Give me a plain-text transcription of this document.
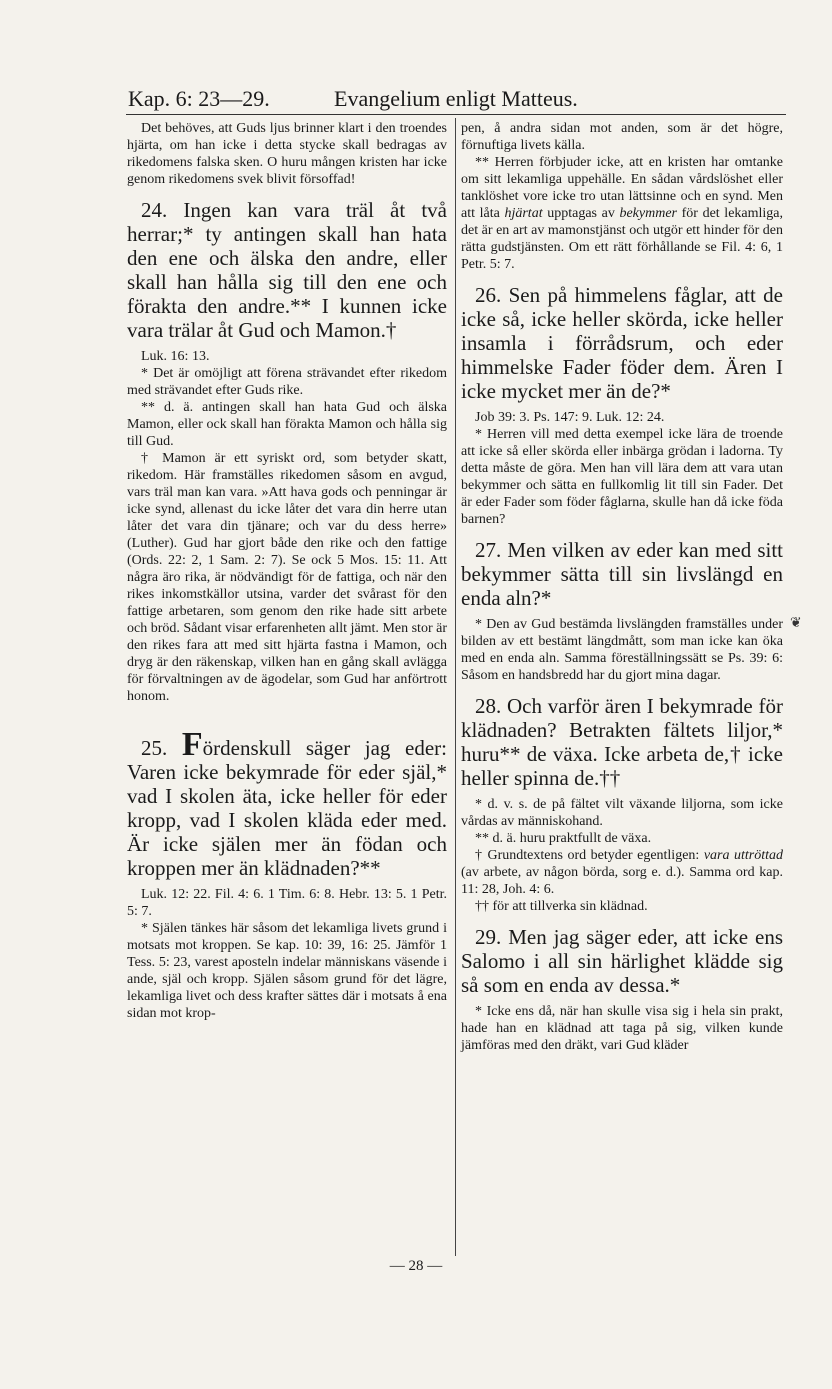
Kap. 6: 23—29.	Evangelium enligt Matteus.

Det behöves, att Guds ljus brinner klart i den troendes hjärta, om han icke i detta stycke skall bedragas av rikedomens falska sken. O huru mången kristen har icke genom rikedomens svek blivit försoffad!

24. Ingen kan vara träl åt två herrar;* ty antingen skall han hata den ene och älska den andre, eller skall han hålla sig till den ene och förakta den andre.** I kunnen icke vara trälar åt Gud och Mamon.†

Luk. 16: 13.

* Det är omöjligt att förena strävandet efter rikedom med strävandet efter Guds rike.

** d. ä. antingen skall han hata Gud och älska Mamon, eller ock skall han förakta Mamon och hålla sig till Gud.

† Mamon är ett syriskt ord, som betyder skatt, rikedom. Här framställes rikedomen såsom en avgud, vars träl man kan vara. »Att hava gods och penningar är icke synd, allenast du icke låter det vara din herre utan låter det vara din tjänare; och var du dess herre» (Luther). Gud har gjort både den rike och den fattige (Ords. 22: 2, 1 Sam. 2: 7). Se ock 5 Mos. 15: 11. Att några äro rika, är nödvändigt för de fattiga, och när den rikes inkomstkällor utsina, varder det svårast för den fattige arbetaren, som genom den rike hade sitt arbete och bröd. Sådant visar erfarenheten allt jämt. Men stor är den rikes fara att med sitt hjärta fastna i Mamon, och dryg är den räkenskap, vilken han en gång skall avlägga för förvaltningen av de ägodelar, som Gud har anförtrott honom.

25. Fördenskull säger jag eder: Varen icke bekymrade för eder själ,* vad I skolen äta, icke heller för eder kropp, vad I skolen kläda eder med. Är icke själen mer än födan och kroppen mer än klädnaden?**

Luk. 12: 22. Fil. 4: 6. 1 Tim. 6: 8. Hebr. 13: 5. 1 Petr. 5: 7.

* Själen tänkes här såsom det lekamliga livets grund i motsats mot kroppen. Se kap. 10: 39, 16: 25. Jämför 1 Tess. 5: 23, varest aposteln indelar människans väsende i ande, själ och kropp. Själen såsom grund för det lägre, lekamliga livet och dess krafter sättes där i motsats å ena sidan mot krop-

pen, å andra sidan mot anden, som är det högre, förnuftiga livets källa.

** Herren förbjuder icke, att en kristen har omtanke om sitt lekamliga uppehälle. En sådan vårdslöshet eller tanklöshet vore icke tro utan lättsinne och en synd. Men att låta hjärtat upptagas av bekymmer för det lekamliga, det är en art av mamonstjänst och utgör ett hinder för den rätta gudstjänsten. Om ett rätt förhållande se Fil. 4: 6, 1 Petr. 5: 7.

26. Sen på himmelens fåglar, att de icke så, icke heller skörda, icke heller insamla i förrådsrum, och eder himmelske Fader föder dem. Ären I icke mycket mer än de?*

Job 39: 3. Ps. 147: 9. Luk. 12: 24.

* Herren vill med detta exempel icke lära de troende att icke så eller skörda eller inbärga grödan i ladorna. Ty detta måste de göra. Men han vill lära dem att vara utan bekymmer och sätta en fullkomlig lit till sin Fader. Det är eder Fader som föder fåglarna, skulle han då icke föda barnen?

27. Men vilken av eder kan med sitt bekymmer sätta till sin livslängd en enda aln?*

* Den av Gud bestämda livslängden framställes under bilden av ett bestämt längdmått, som man icke kan öka med en enda aln. Samma föreställningssätt se Ps. 39: 6: Såsom en handsbredd har du gjort mina dagar.

28. Och varför ären I bekymrade för klädnaden? Betrakten fältets liljor,* huru** de växa. Icke arbeta de,† icke heller spinna de.††

* d. v. s. de på fältet vilt växande liljorna, som icke vårdas av människohand.

** d. ä. huru praktfullt de växa.

† Grundtextens ord betyder egentligen: vara uttröttad (av arbete, av någon börda, sorg e. d.). Samma ord kap. 11: 28, Joh. 4: 6.

†† för att tillverka sin klädnad.

29. Men jag säger eder, att icke ens Salomo i all sin härlighet klädde sig så som en enda av dessa.*

* Icke ens då, när han skulle visa sig i hela sin prakt, hade han en klädnad att taga på sig, vilken kunde jämföras med den dräkt, vari Gud kläder

❦
— 28 —
